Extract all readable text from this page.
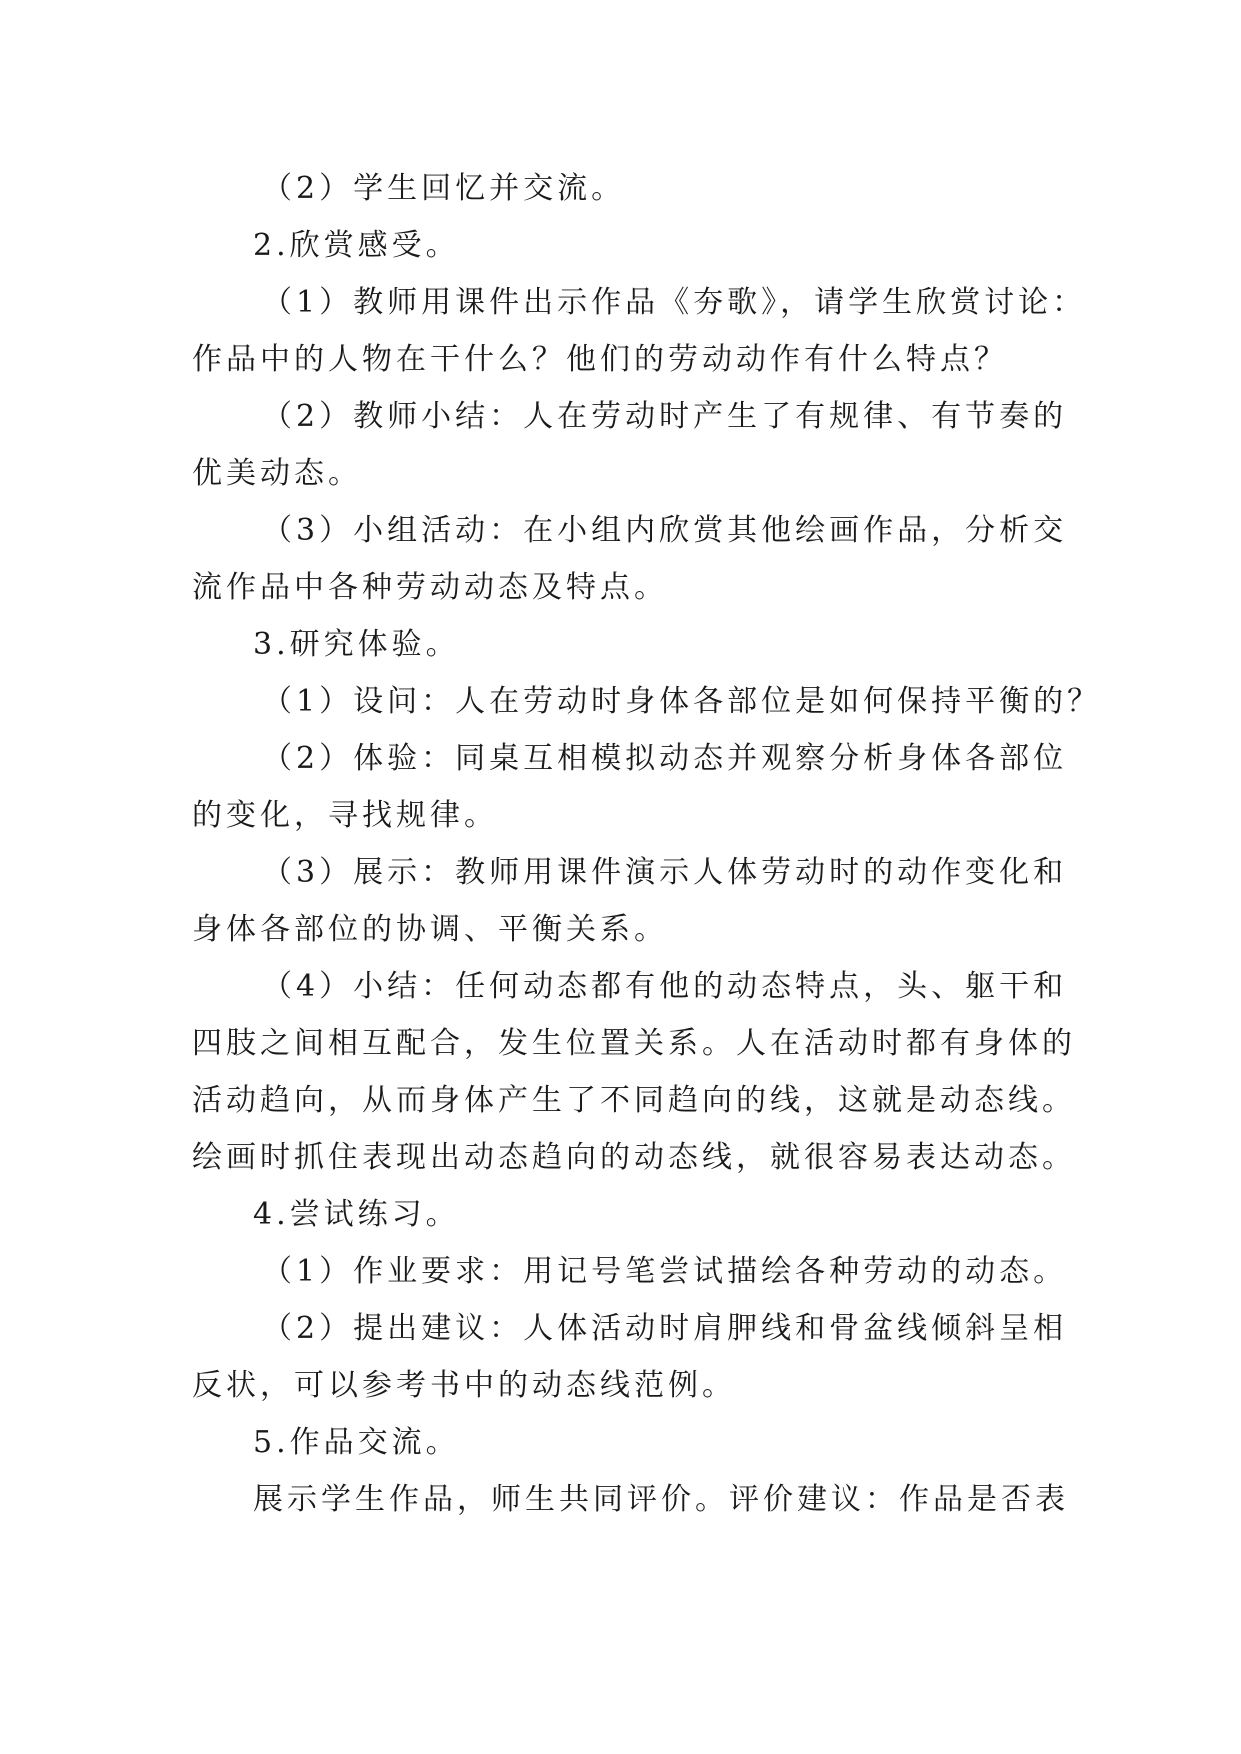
（2）学生回忆并交流。
2.欣赏感受。
（1）教师用课件出示作品《夯歌》，请学生欣赏讨论：
作品中的人物在干什么？他们的劳动动作有什么特点？
（2）教师小结：人在劳动时产生了有规律、有节奏的
优美动态。
（3）小组活动：在小组内欣赏其他绘画作品，分析交
流作品中各种劳动动态及特点。
3.研究体验。
（1）设问：人在劳动时身体各部位是如何保持平衡的？
（2）体验：同桌互相模拟动态并观察分析身体各部位
的变化，寻找规律。
（3）展示：教师用课件演示人体劳动时的动作变化和
身体各部位的协调、平衡关系。
（4）小结：任何动态都有他的动态特点，头、躯干和
四肢之间相互配合，发生位置关系。人在活动时都有身体的
活动趋向，从而身体产生了不同趋向的线，这就是动态线。
绘画时抓住表现出动态趋向的动态线，就很容易表达动态。
4.尝试练习。
（1）作业要求：用记号笔尝试描绘各种劳动的动态。
（2）提出建议：人体活动时肩胛线和骨盆线倾斜呈相
反状，可以参考书中的动态线范例。
5.作品交流。
展示学生作品，师生共同评价。评价建议：作品是否表
